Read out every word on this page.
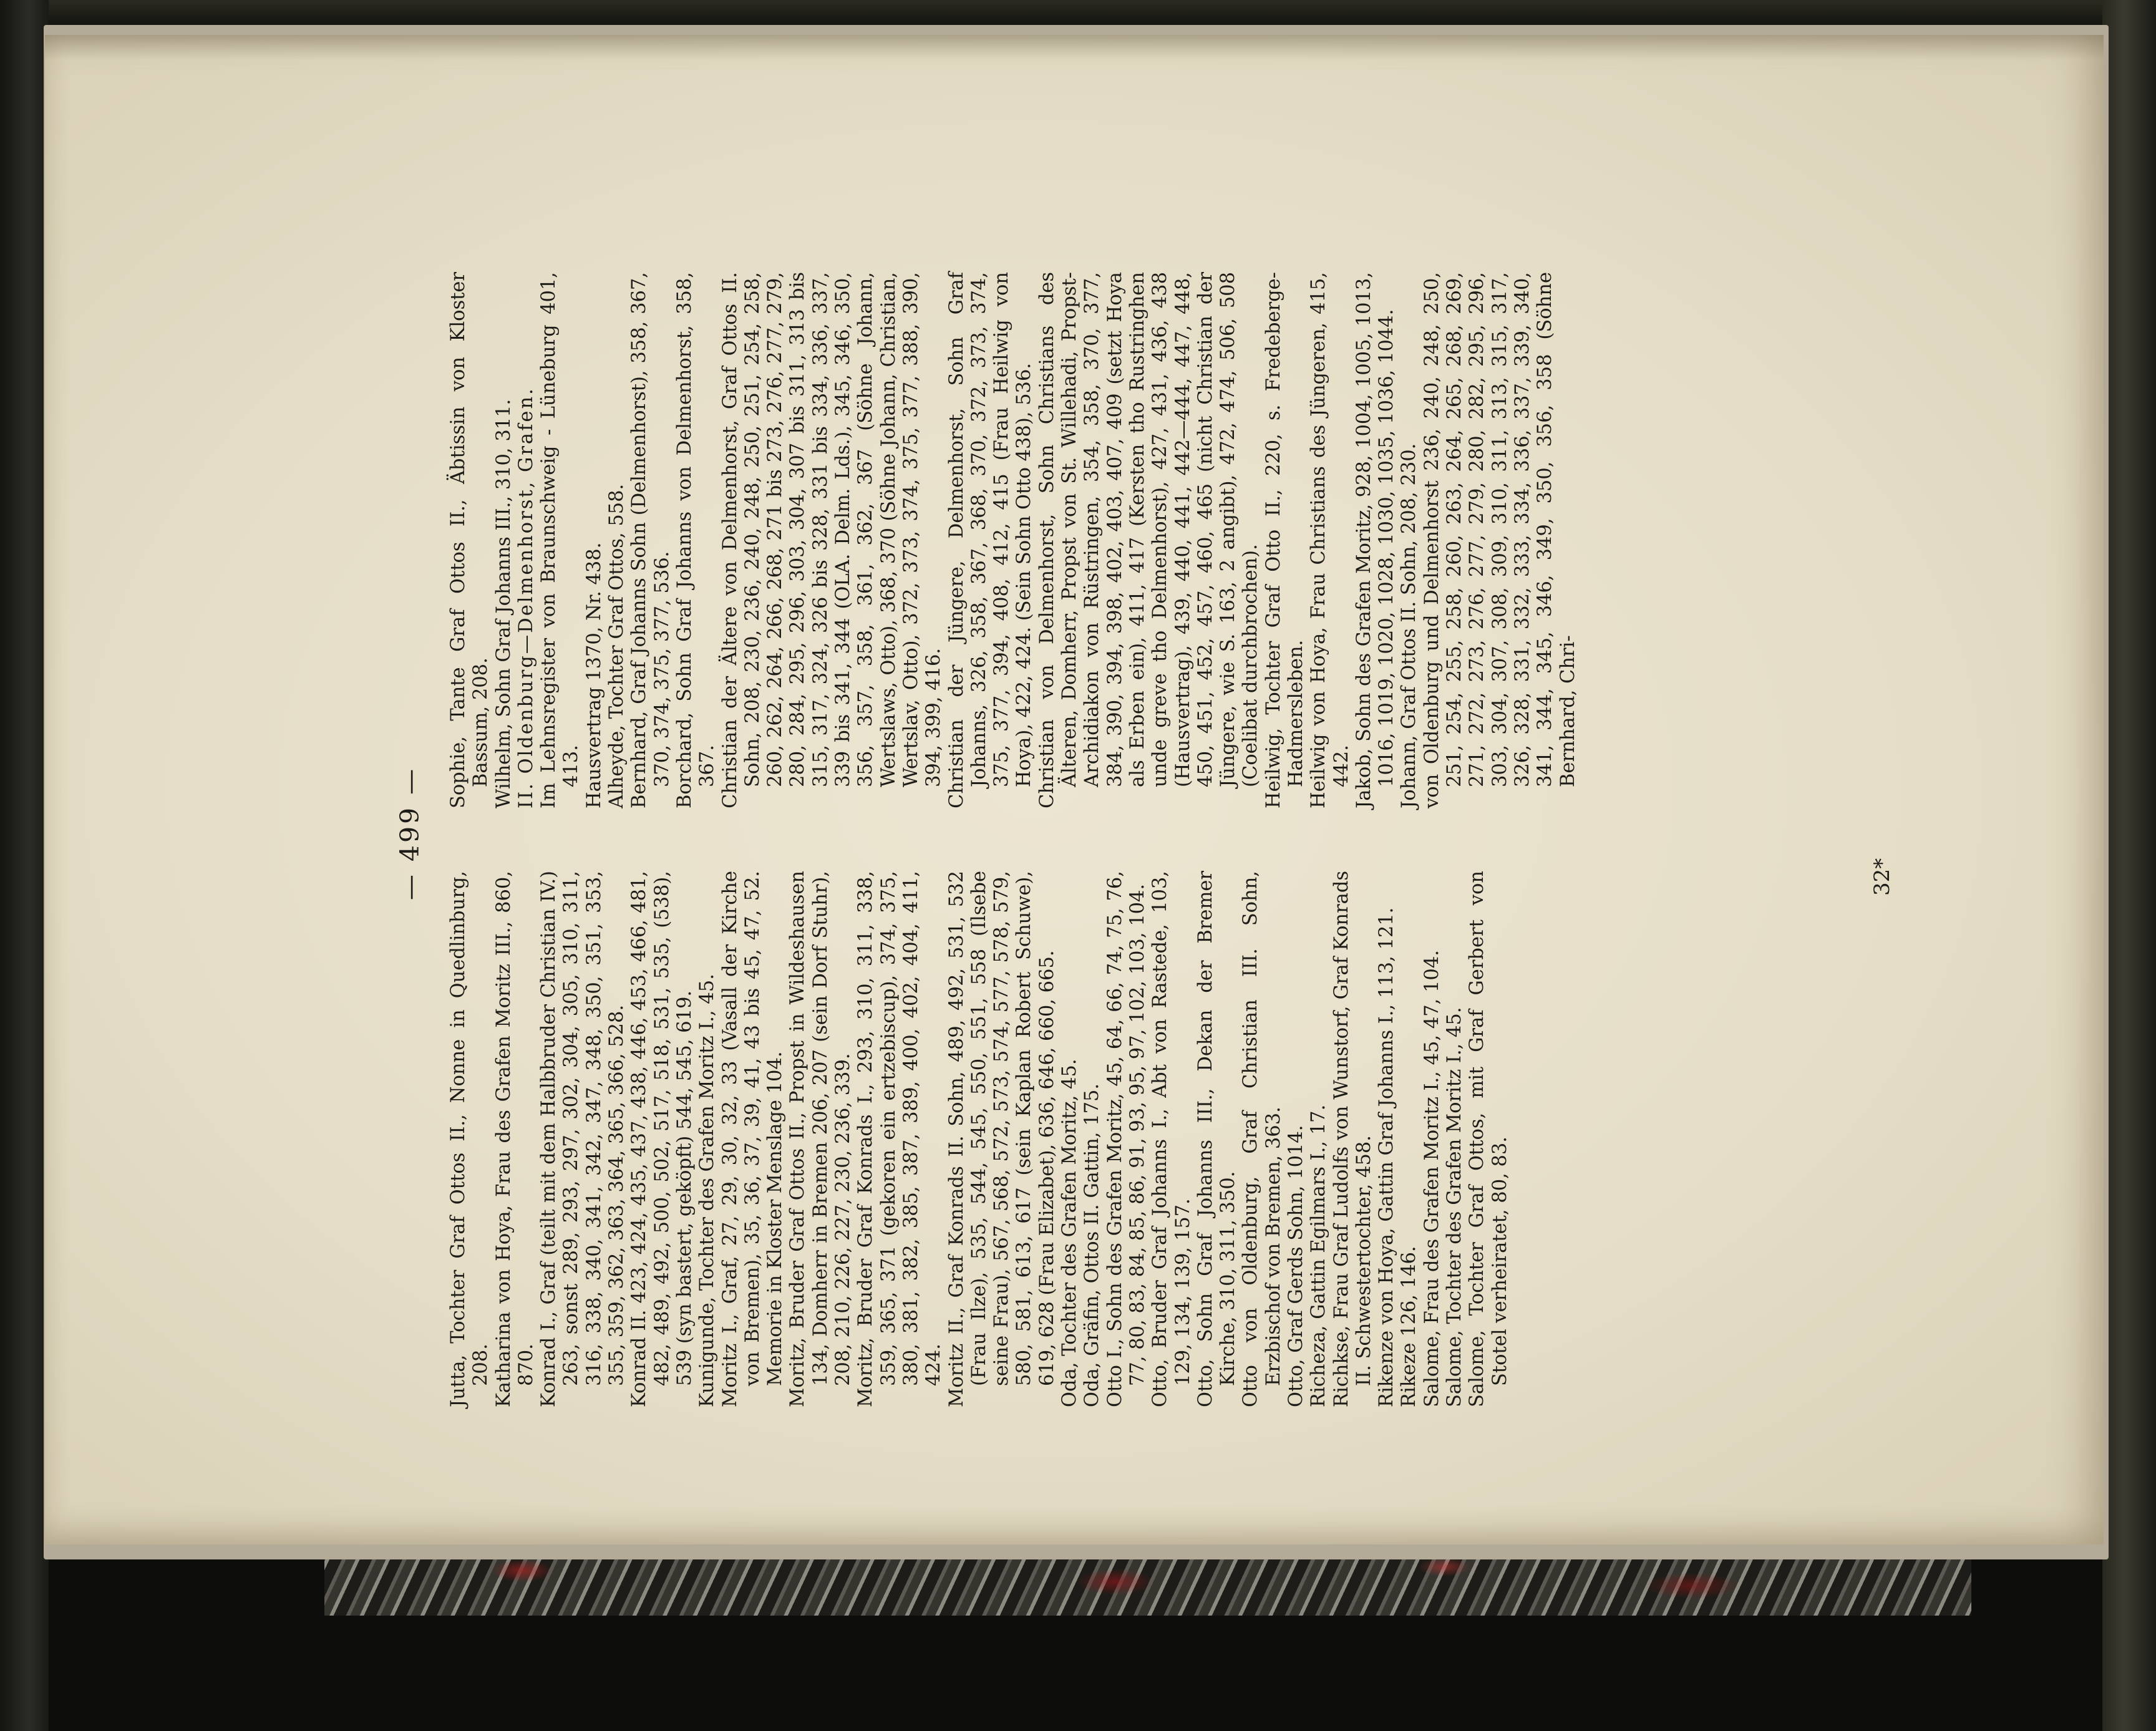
— 499 —

Jutta, Tochter Graf Ottos II., Nonne in Quedlinburg, 208. Katharina von Hoya, Frau des Grafen Moritz III., 860, 870. Konrad I., Graf (teilt mit dem Halbbruder Christian IV.) 263, sonst 289, 293, 297, 302, 304, 305, 310, 311, 316, 338, 340, 341, 342, 347, 348, 350, 351, 353, 355, 359, 362, 363, 364, 365, 366, 528. Konrad II. 423, 424, 435, 437, 438, 446, 453, 466, 481, 482, 489, 492, 500, 502, 517, 518, 531, 535, (538), 539 (syn bastert, geköpft) 544, 545, 619. Kunigunde, Tochter des Grafen Moritz I., 45. Moritz I., Graf, 27, 29, 30, 32, 33 (Vasall der Kirche von Bremen), 35, 36, 37, 39, 41, 43 bis 45, 47, 52. Memorie in Kloster Menslage 104. Moritz, Bruder Graf Ottos II., Propst in Wildeshausen 134, Domherr in Bremen 206, 207 (sein Dorf Stuhr), 208, 210, 226, 227, 230, 236, 339. Moritz, Bruder Graf Konrads I., 293, 310, 311, 338, 359, 365, 371 (gekoren ein ertzebiscup), 374, 375, 380, 381, 382, 385, 387, 389, 400, 402, 404, 411, 424. Moritz II., Graf Konrads II. Sohn, 489, 492, 531, 532 (Frau Ilze), 535, 544, 545, 550, 551, 558 (Ilsebe seine Frau), 567, 568, 572, 573, 574, 577, 578, 579, 580, 581, 613, 617 (sein Kaplan Robert Schuwe), 619, 628 (Frau Elizabet), 636, 646, 660, 665. Oda, Tochter des Grafen Moritz, 45. Oda, Gräfin, Ottos II. Gattin, 175. Otto I., Sohn des Grafen Moritz, 45, 64, 66, 74, 75, 76, 77, 80, 83, 84, 85, 86, 91, 93, 95, 97, 102, 103, 104. Otto, Bruder Graf Johanns I., Abt von Rastede, 103, 129, 134, 139, 157. Otto, Sohn Graf Johanns III., Dekan der Bremer Kirche, 310, 311, 350. Otto von Oldenburg, Graf Christian III. Sohn, Erzbischof von Bremen, 363. Otto, Graf Gerds Sohn, 1014. Richeza, Gattin Egilmars I., 17. Richkse, Frau Graf Ludolfs von Wunstorf, Graf Konrads II. Schwestertochter, 458. Rikenze von Hoya, Gattin Graf Johanns I., 113, 121. Rikeze 126, 146. Salome, Frau des Grafen Moritz I., 45, 47, 104. Salome, Tochter des Grafen Moritz I., 45. Salome, Tochter Graf Ottos, mit Graf Gerbert von Stotel verheiratet, 80, 83.

Sophie, Tante Graf Ottos II., Äbtissin von Kloster Bassum, 208. Wilhelm, Sohn Graf Johanns III., 310, 311. II. Oldenburg—Delmenhorst, Grafen. Im Lehnsregister von Braunschweig - Lüneburg 401, 413. Hausvertrag 1370, Nr. 438. Alheyde, Tochter Graf Ottos, 558. Bernhard, Graf Johanns Sohn (Delmenhorst), 358, 367, 370, 374, 375, 377, 536. Borchard, Sohn Graf Johanns von Delmenhorst, 358, 367. Christian der Ältere von Delmenhorst, Graf Ottos II. Sohn, 208, 230, 236, 240, 248, 250, 251, 254, 258, 260, 262, 264, 266, 268, 271 bis 273, 276, 277, 279, 280, 284, 295, 296, 303, 304, 307 bis 311, 313 bis 315, 317, 324, 326 bis 328, 331 bis 334, 336, 337, 339 bis 341, 344 (OLA. Delm. Lds.), 345, 346, 350, 356, 357, 358, 361, 362, 367 (Söhne Johann, Wertslaws, Otto), 368, 370 (Söhne Johann, Christian, Wertslav, Otto), 372, 373, 374, 375, 377, 388, 390, 394, 399, 416. Christian der Jüngere, Delmenhorst, Sohn Graf Johanns, 326, 358, 367, 368, 370, 372, 373, 374, 375, 377, 394, 408, 412, 415 (Frau Heilwig von Hoya), 422, 424. (Sein Sohn Otto 438), 536. Christian von Delmenhorst, Sohn Christians des Älteren, Domherr, Propst von St. Willehadi, Propst-Archidiakon von Rüstringen, 354, 358, 370, 377, 384, 390, 394, 398, 402, 403, 407, 409 (setzt Hoya als Erben ein), 411, 417 (Kersten tho Rustringhen unde greve tho Delmenhorst), 427, 431, 436, 438 (Hausvertrag), 439, 440, 441, 442—444, 447, 448, 450, 451, 452, 457, 460, 465 (nicht Christian der Jüngere, wie S. 163, 2 angibt), 472, 474, 506, 508 (Coelibat durchbrochen). Heilwig, Tochter Graf Otto II., 220, s. Fredeberge-Hadmersleben. Heilwig von Hoya, Frau Christians des Jüngeren, 415, 442. Jakob, Sohn des Grafen Moritz, 928, 1004, 1005, 1013, 1016, 1019, 1020, 1028, 1030, 1035, 1036, 1044. Johann, Graf Ottos II. Sohn, 208, 230. von Oldenburg und Delmenhorst 236, 240, 248, 250, 251, 254, 255, 258, 260, 263, 264, 265, 268, 269, 271, 272, 273, 276, 277, 279, 280, 282, 295, 296, 303, 304, 307, 308, 309, 310, 311, 313, 315, 317, 326, 328, 331, 332, 333, 334, 336, 337, 339, 340, 341, 344, 345, 346, 349, 350, 356, 358 (Söhne Bernhard, Chri-

32*
